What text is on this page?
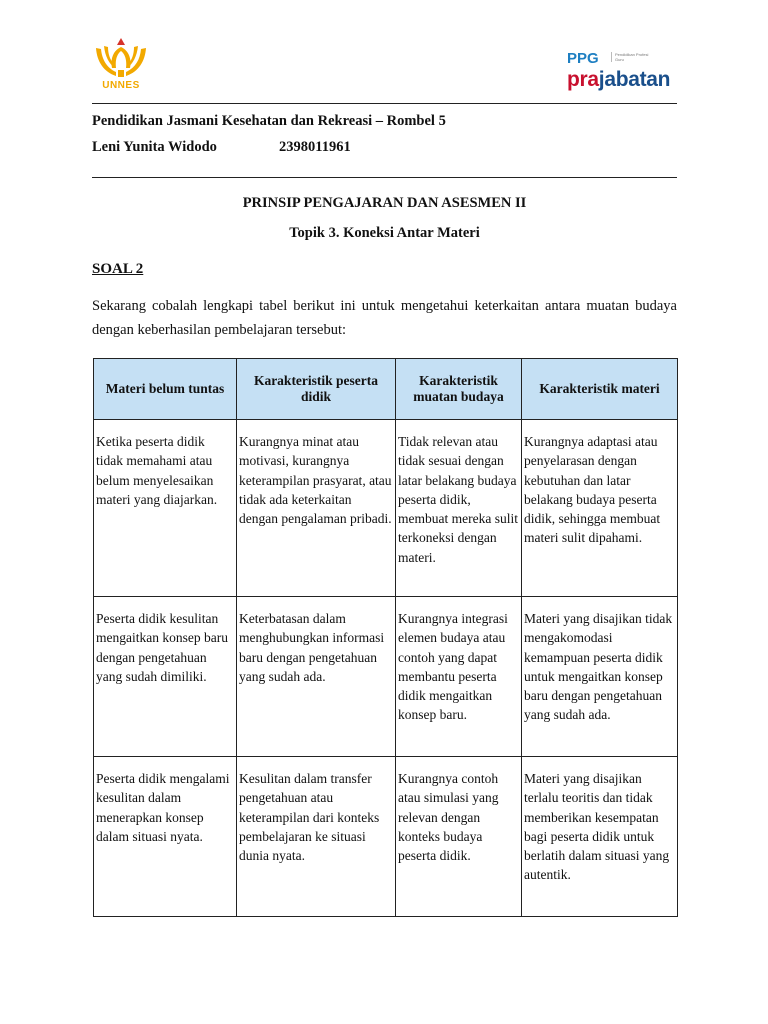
UNNES
PPG	Pendidikan Profesi Guru
prajabatan
Pendidikan Jasmani Kesehatan dan Rekreasi – Rombel 5
Leni Yunita Widodo	2398011961
PRINSIP PENGAJARAN DAN ASESMEN II
Topik 3. Koneksi Antar Materi
SOAL 2
Sekarang cobalah lengkapi tabel berikut ini untuk mengetahui keterkaitan antara muatan budaya dengan keberhasilan pembelajaran tersebut:
Materi belum tuntas	Karakteristik peserta didik	Karakteristik muatan budaya	Karakteristik materi
Ketika peserta didik tidak memahami atau belum menyelesaikan materi yang diajarkan.	Kurangnya minat atau motivasi, kurangnya keterampilan prasyarat, atau tidak ada keterkaitan dengan pengalaman pribadi.	Tidak relevan atau tidak sesuai dengan latar belakang budaya peserta didik, membuat mereka sulit terkoneksi dengan materi.	Kurangnya adaptasi atau penyelarasan dengan kebutuhan dan latar belakang budaya peserta didik, sehingga membuat materi sulit dipahami.
Peserta didik kesulitan mengaitkan konsep baru dengan pengetahuan yang sudah dimiliki.	Keterbatasan dalam menghubungkan informasi baru dengan pengetahuan yang sudah ada.	Kurangnya integrasi elemen budaya atau contoh yang dapat membantu peserta didik mengaitkan konsep baru.	Materi yang disajikan tidak mengakomodasi kemampuan peserta didik untuk mengaitkan konsep baru dengan pengetahuan yang sudah ada.
Peserta didik mengalami kesulitan dalam menerapkan konsep dalam situasi nyata.	Kesulitan dalam transfer pengetahuan atau keterampilan dari konteks pembelajaran ke situasi dunia nyata.	Kurangnya contoh atau simulasi yang relevan dengan konteks budaya peserta didik.	Materi yang disajikan terlalu teoritis dan tidak memberikan kesempatan bagi peserta didik untuk berlatih dalam situasi yang autentik.
